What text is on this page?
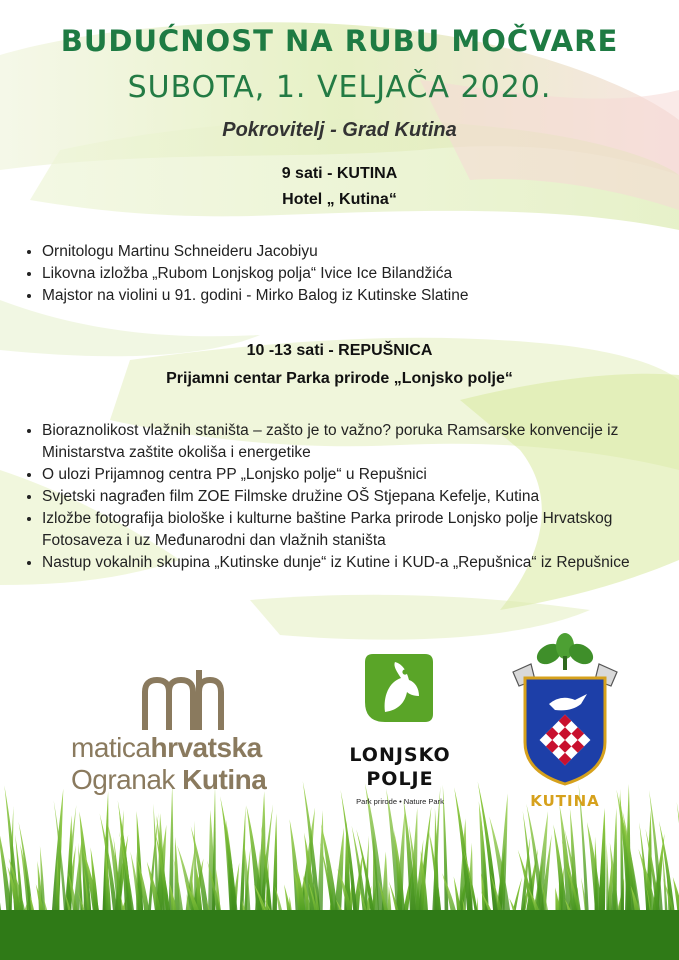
BUDUĆNOST NA RUBU MOČVARE
SUBOTA, 1. VELJAČA 2020.
Pokrovitelj - Grad Kutina
9 sati - KUTINA
Hotel „ Kutina“
• Ornitologu Martinu Schneideru Jacobiyu
• Likovna izložba „Rubom Lonjskog polja“ Ivice Ice Bilandžića
• Majstor na violini u 91. godini - Mirko Balog iz Kutinske Slatine
10 -13 sati - REPUŠNICA
Prijamni centar Parka prirode „Lonjsko polje“
• Bioraznolikost vlažnih staništa – zašto je to važno? poruka Ramsarske konvencije iz Ministarstva zaštite okoliša i energetike
• O ulozi Prijamnog centra PP „Lonjsko polje“ u Repušnici
• Svjetski nagrađen film ZOE Filmske družine OŠ Stjepana Kefelje, Kutina
• Izložbe fotografija biološke i kulturne baštine Parka prirode Lonjsko polje Hrvatskog Fotosaveza i uz Međunarodni dan vlažnih staništa
• Nastup vokalnih skupina „Kutinske dunje“ iz Kutine i KUD-a „Repušnica“ iz Repušnice
maticahrvatska
Ogranak Kutina
LONJSKO
POLJE
Park prirode • Nature Park	KUTINA
